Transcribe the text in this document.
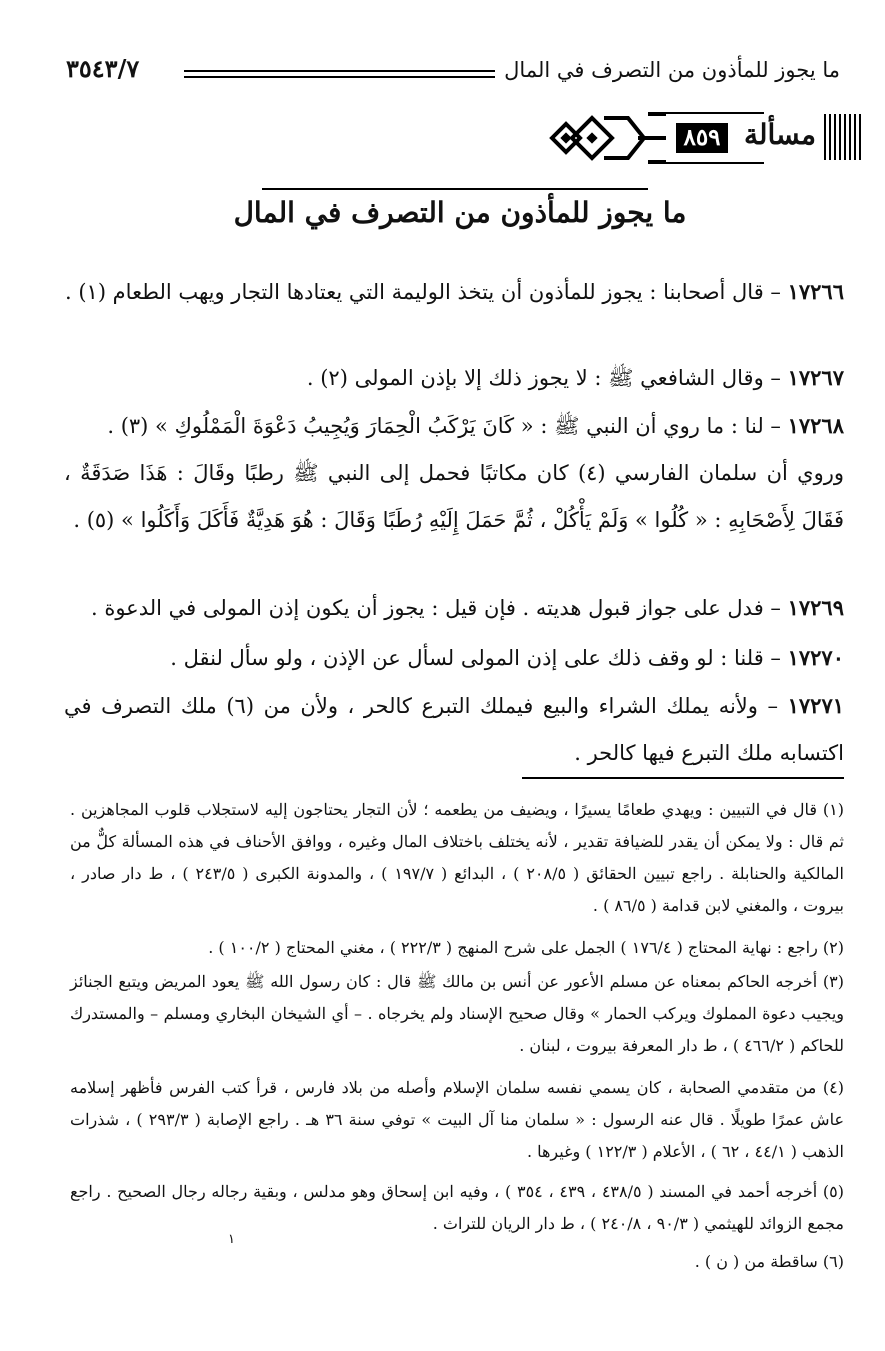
ما يجوز للمأذون من التصرف في المال
٣٥٤٣/٧
مسألة
٨٥٩
ما يجوز للمأذون من التصرف في المال
١٧٢٦٦ – قال أصحابنا : يجوز للمأذون أن يتخذ الوليمة التي يعتادها التجار ويهب الطعام (١) .
١٧٢٦٧ – وقال الشافعي ﷺ : لا يجوز ذلك إلا بإذن المولى (٢) .
١٧٢٦٨ – لنا : ما روي أن النبي ﷺ : « كَانَ يَرْكَبُ الْحِمَارَ وَيُجِيبُ دَعْوَةَ الْمَمْلُوكِ » (٣) .
وروي أن سلمان الفارسي (٤) كان مكاتبًا فحمل إلى النبي ﷺ رطبًا وقَالَ : هَذَا صَدَقَةٌ ، فَقَالَ لِأَصْحَابِهِ : « كُلُوا » وَلَمْ يَأْكُلْ ، ثُمَّ حَمَلَ إِلَيْهِ رُطَبًا وَقَالَ : هُوَ هَدِيَّةٌ فَأَكَلَ وَأَكَلُوا » (٥) .
١٧٢٦٩ – فدل على جواز قبول هديته . فإن قيل : يجوز أن يكون إذن المولى في الدعوة .
١٧٢٧٠ – قلنا : لو وقف ذلك على إذن المولى لسأل عن الإذن ، ولو سأل لنقل .
١٧٢٧١ – ولأنه يملك الشراء والبيع فيملك التبرع كالحر ، ولأن من (٦) ملك التصرف في اكتسابه ملك التبرع فيها كالحر .
(١) قال في التبيين : ويهدي طعامًا يسيرًا ، ويضيف من يطعمه ؛ لأن التجار يحتاجون إليه لاستجلاب قلوب المجاهزين . ثم قال : ولا يمكن أن يقدر للضيافة تقدير ، لأنه يختلف باختلاف المال وغيره ، ووافق الأحناف في هذه المسألة كلٌّ من المالكية والحنابلة . راجع تبيين الحقائق ( ٢٠٨/٥ ) ، البدائع ( ١٩٧/٧ ) ، والمدونة الكبرى ( ٢٤٣/٥ ) ، ط دار صادر ، بيروت ، والمغني لابن قدامة ( ٨٦/٥ ) .
(٢) راجع : نهاية المحتاج ( ١٧٦/٤ ) الجمل على شرح المنهج ( ٢٢٢/٣ ) ، مغني المحتاج ( ١٠٠/٢ ) .
(٣) أخرجه الحاكم بمعناه عن مسلم الأعور عن أنس بن مالك ﷺ قال : كان رسول الله ﷺ يعود المريض ويتبع الجنائز ويجيب دعوة المملوك ويركب الحمار » وقال صحيح الإسناد ولم يخرجاه . – أي الشيخان البخاري ومسلم – والمستدرك للحاكم ( ٤٦٦/٢ ) ، ط دار المعرفة بيروت ، لبنان .
(٤) من متقدمي الصحابة ، كان يسمي نفسه سلمان الإسلام وأصله من بلاد فارس ، قرأ كتب الفرس فأظهر إسلامه عاش عمرًا طويلًا . قال عنه الرسول : « سلمان منا آل البيت » توفي سنة ٣٦ هـ . راجع الإصابة ( ٢٩٣/٣ ) ، شذرات الذهب ( ٤٤/١ ، ٦٢ ) ، الأعلام ( ١٢٢/٣ ) وغيرها .
(٥) أخرجه أحمد في المسند ( ٤٣٨/٥ ، ٤٣٩ ، ٣٥٤ ) ، وفيه ابن إسحاق وهو مدلس ، وبقية رجاله رجال الصحيح . راجع مجمع الزوائد للهيثمي ( ٩٠/٣ ، ٢٤٠/٨ ) ، ط دار الريان للتراث .
(٦) ساقطة من ( ن ) .
١
